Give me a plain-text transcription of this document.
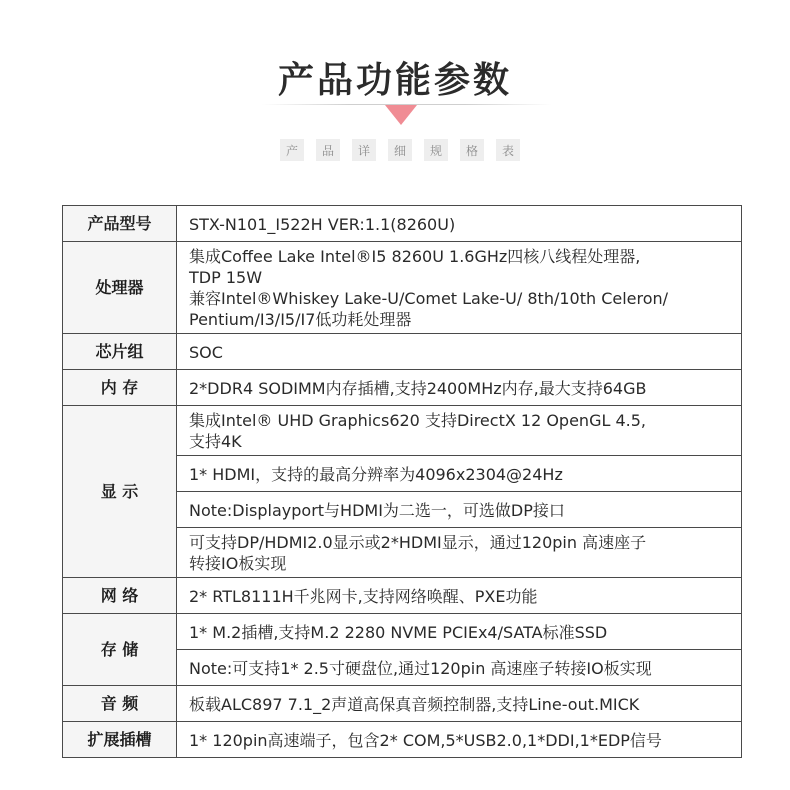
产品功能参数
产	品	详	细	规	格	表
产品型号	STX-N101_I522H VER:1.1(8260U)

处理器	集成Coffee Lake Intel®I5 8260U 1.6GHz四核八线程处理器,
TDP 15W
兼容Intel®Whiskey Lake-U/Comet Lake-U/ 8th/10th Celeron/
Pentium/I3/I5/I7低功耗处理器

芯片组	SOC

内 存	2*DDR4 SODIMM内存插槽,支持2400MHz内存,最大支持64GB

显 示	集成Intel® UHD Graphics620 支持DirectX 12 OpenGL 4.5,
支持4K

	1* HDMI，支持的最高分辨率为4096x2304@24Hz

	Note:Displayport与HDMI为二选一，可选做DP接口

	可支持DP/HDMI2.0显示或2*HDMI显示，通过120pin 高速座子
转接IO板实现

网 络	2* RTL8111H千兆网卡,支持网络唤醒、PXE功能

存 储	1* M.2插槽,支持M.2 2280 NVME PCIEx4/SATA标准SSD

	Note:可支持1* 2.5寸硬盘位,通过120pin 高速座子转接IO板实现

音 频	板载ALC897 7.1_2声道高保真音频控制器,支持Line-out.MICK

扩展插槽	1* 120pin高速端子，包含2* COM,5*USB2.0,1*DDI,1*EDP信号
